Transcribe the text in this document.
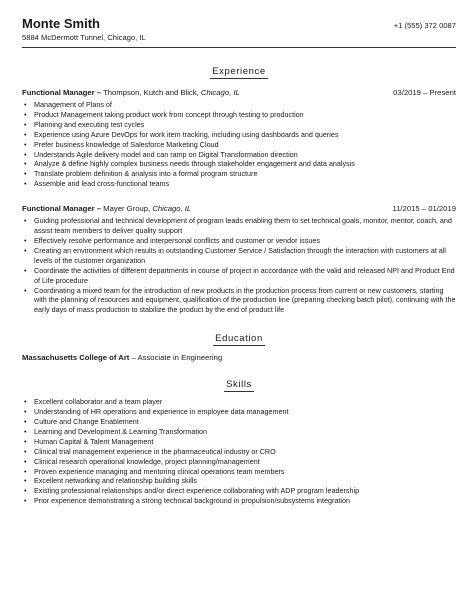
Monte Smith
5884 McDermott Tunnel, Chicago, IL
+1 (555) 372 0087
Experience
Functional Manager – Thompson, Kutch and Blick, Chicago, IL	03/2019 – Present
• Management of Plans of
• Product Management taking product work from concept through testing to production
• Planning and executing test cycles
• Experience using Azure DevOps for work item tracking, including using dashboards and queries
• Prefer business knowledge of Salesforce Marketing Cloud
• Understands Agile delivery model and can ramp on Digital Transformation direction
• Analyze & define highly complex business needs through stakeholder engagement and data analysis
• Translate problem definition & analysis into a formal program structure
• Assemble and lead cross-functional teams
Functional Manager – Mayer Group, Chicago, IL	11/2015 – 01/2019
• Guiding professional and technical development of program leads enabling them to set technical goals, monitor, mentor, coach, and assist team members to deliver quality support
• Effectively resolve performance and interpersonal conflicts and customer or vendor issues
• Creating an environment which results in outstanding Customer Service / Satisfaction through the interaction with customers at all levels of the customer organization
• Coordinate the activities of different departments in course of project in accordance with the valid and released NPI and Product End of Life procedure
• Coordinating a mixed team for the introduction of new products in the production process from current or new customers, starting with the planning of resources and equipment, qualification of the production line (preparing checking batch pilot), continuing with the early days of mass production to stabilize the product by the end of product life
Education
Massachusetts College of Art – Associate in Engineering
Skills
• Excellent collaborator and a team player
• Understanding of HR operations and experience in employee data management
• Culture and Change Enablement
• Learning and Development & Learning Transformation
• Human Capital & Talent Management
• Clinical trial management experience in the pharmaceutical industry or CRO
• Clinical research operational knowledge, project planning/management
• Proven experience managing and mentoring clinical operations team members
• Excellent networking and relationship building skills
• Existing professional relationships and/or direct experience collaborating with ADP program leadership
• Prior experience demonstrating a strong technical background in propulsion/subsystems integration
